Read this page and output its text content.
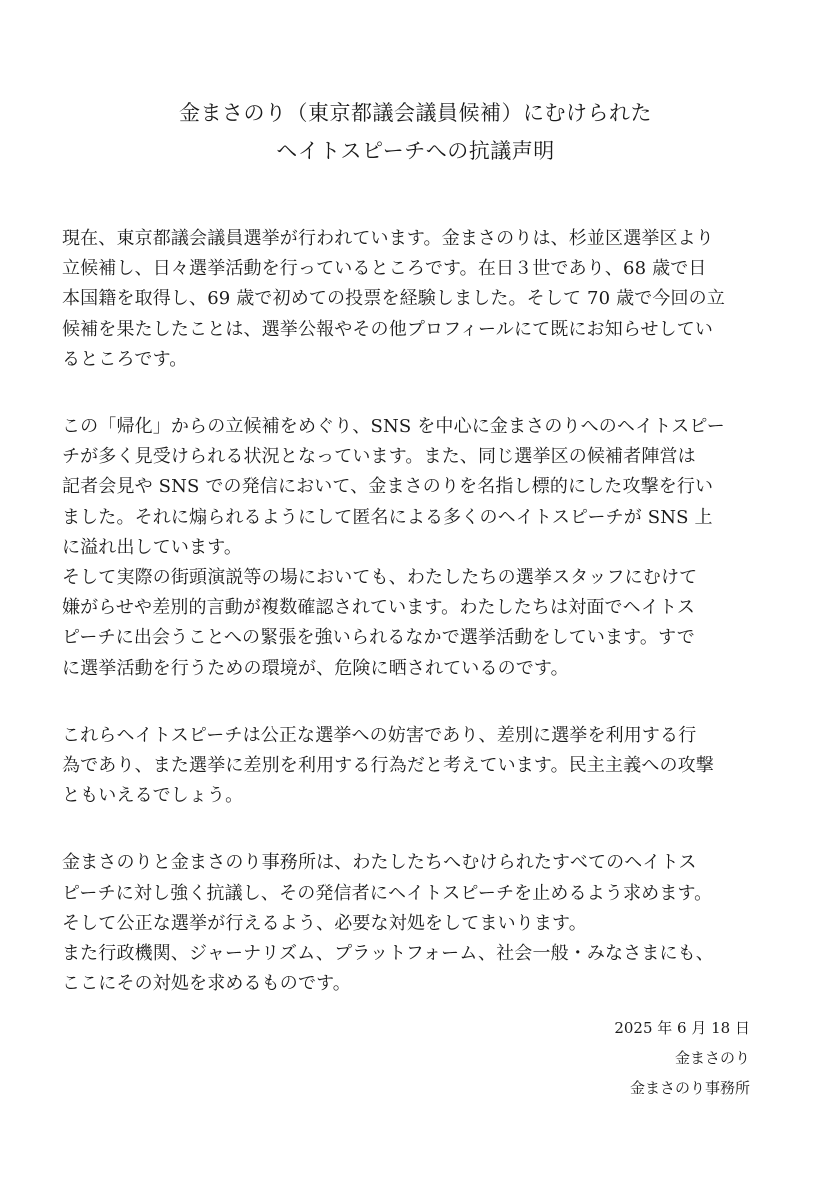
金まさのり（東京都議会議員候補）にむけられた
ヘイトスピーチへの抗議声明
現在、東京都議会議員選挙が行われています。金まさのりは、杉並区選挙区より
立候補し、日々選挙活動を行っているところです。在日３世であり、68 歳で日
本国籍を取得し、69 歳で初めての投票を経験しました。そして 70 歳で今回の立
候補を果たしたことは、選挙公報やその他プロフィールにて既にお知らせしてい
るところです。
この「帰化」からの立候補をめぐり、SNS を中心に金まさのりへのヘイトスピー
チが多く見受けられる状況となっています。また、同じ選挙区の候補者陣営は
記者会見や SNS での発信において、金まさのりを名指し標的にした攻撃を行い
ました。それに煽られるようにして匿名による多くのヘイトスピーチが SNS 上
に溢れ出しています。
そして実際の街頭演説等の場においても、わたしたちの選挙スタッフにむけて
嫌がらせや差別的言動が複数確認されています。わたしたちは対面でヘイトス
ピーチに出会うことへの緊張を強いられるなかで選挙活動をしています。すで
に選挙活動を行うための環境が、危険に晒されているのです。
これらヘイトスピーチは公正な選挙への妨害であり、差別に選挙を利用する行
為であり、また選挙に差別を利用する行為だと考えています。民主主義への攻撃
ともいえるでしょう。
金まさのりと金まさのり事務所は、わたしたちへむけられたすべてのヘイトス
ピーチに対し強く抗議し、その発信者にヘイトスピーチを止めるよう求めます。
そして公正な選挙が行えるよう、必要な対処をしてまいります。
また行政機関、ジャーナリズム、プラットフォーム、社会一般・みなさまにも、
ここにその対処を求めるものです。
2025 年 6 月 18 日
金まさのり
金まさのり事務所
